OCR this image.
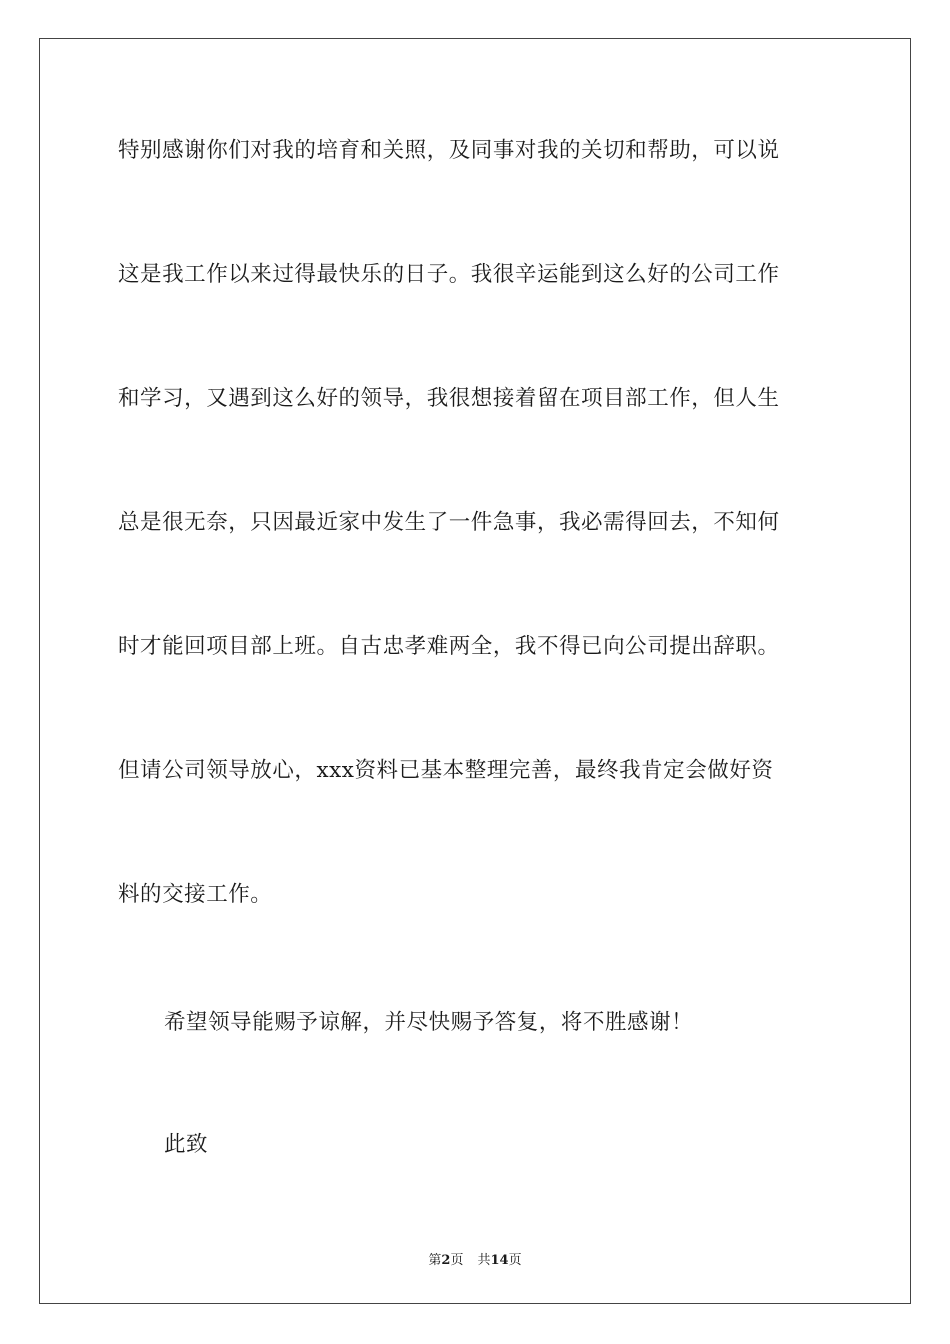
特别感谢你们对我的培育和关照，及同事对我的关切和帮助，可以说

这是我工作以来过得最快乐的日子。我很辛运能到这么好的公司工作

和学习，又遇到这么好的领导，我很想接着留在项目部工作，但人生

总是很无奈，只因最近家中发生了一件急事，我必需得回去，不知何

时才能回项目部上班。自古忠孝难两全，我不得已向公司提出辞职。

但请公司领导放心，xxx资料已基本整理完善，最终我肯定会做好资

料的交接工作。

希望领导能赐予谅解，并尽快赐予答复，将不胜感谢！

此致

第2页 共14页
